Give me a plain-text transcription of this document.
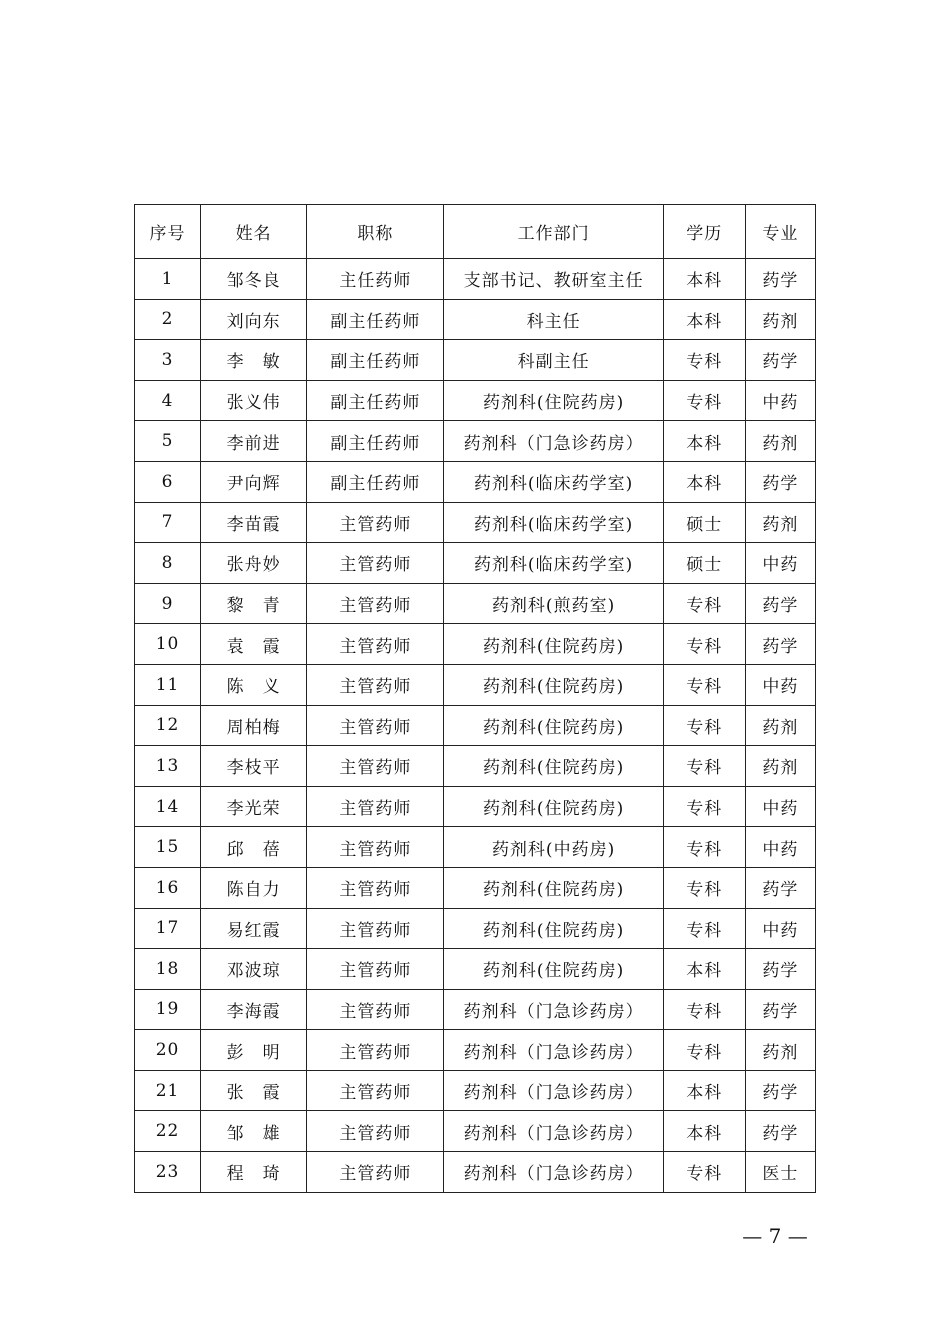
序号	姓名	职称	工作部门	学历	专业
1	邹冬良	主任药师	支部书记、教研室主任	本科	药学
2	刘向东	副主任药师	科主任	本科	药剂
3	李　敏	副主任药师	科副主任	专科	药学
4	张义伟	副主任药师	药剂科(住院药房)	专科	中药
5	李前进	副主任药师	药剂科（门急诊药房）	本科	药剂
6	尹向辉	副主任药师	药剂科(临床药学室)	本科	药学
7	李苗霞	主管药师	药剂科(临床药学室)	硕士	药剂
8	张舟妙	主管药师	药剂科(临床药学室)	硕士	中药
9	黎　青	主管药师	药剂科(煎药室)	专科	药学
10	袁　霞	主管药师	药剂科(住院药房)	专科	药学
11	陈　义	主管药师	药剂科(住院药房)	专科	中药
12	周柏梅	主管药师	药剂科(住院药房)	专科	药剂
13	李枝平	主管药师	药剂科(住院药房)	专科	药剂
14	李光荣	主管药师	药剂科(住院药房)	专科	中药
15	邱　蓓	主管药师	药剂科(中药房)	专科	中药
16	陈自力	主管药师	药剂科(住院药房)	专科	药学
17	易红霞	主管药师	药剂科(住院药房)	专科	中药
18	邓波琼	主管药师	药剂科(住院药房)	本科	药学
19	李海霞	主管药师	药剂科（门急诊药房）	专科	药学
20	彭　明	主管药师	药剂科（门急诊药房）	专科	药剂
21	张　霞	主管药师	药剂科（门急诊药房）	本科	药学
22	邹　雄	主管药师	药剂科（门急诊药房）	本科	药学
23	程　琦	主管药师	药剂科（门急诊药房）	专科	医士
— 7 —
